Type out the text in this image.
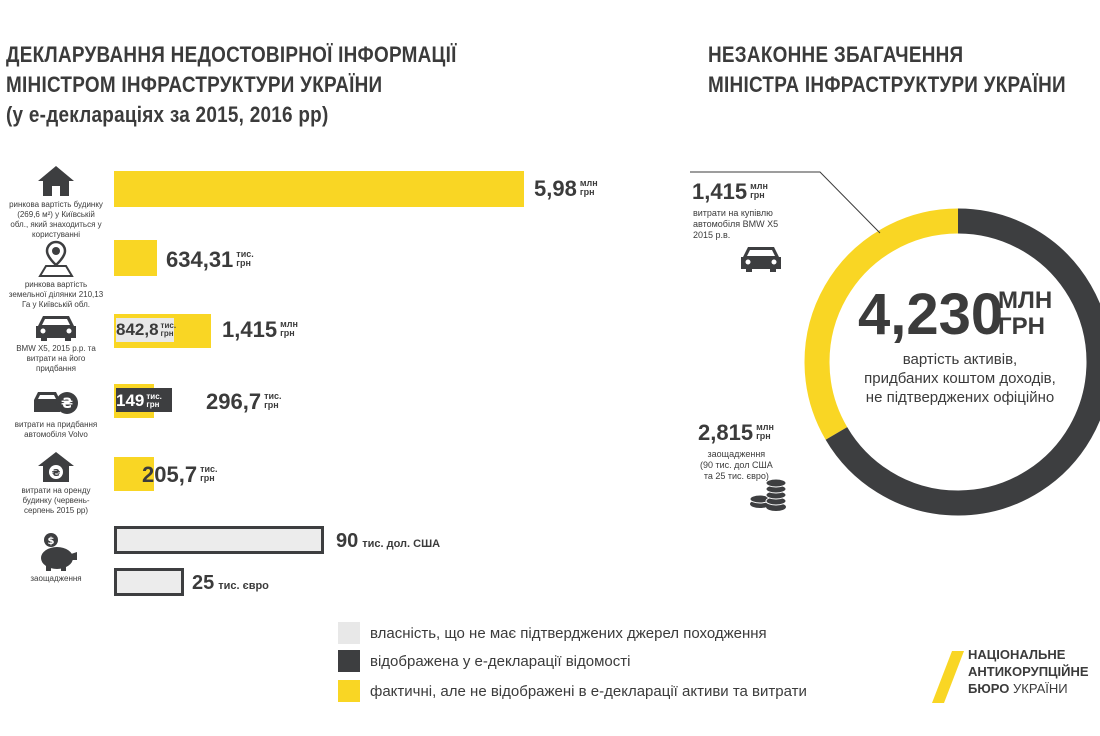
ДЕКЛАРУВАННЯ НЕДОСТОВІРНОЇ ІНФОРМАЦІЇ
МІНІСТРОМ ІНФРАСТРУКТУРИ УКРАЇНИ
(у е-деклараціях за 2015, 2016 рр)
НЕЗАКОННЕ ЗБАГАЧЕННЯ
МІНІСТРА ІНФРАСТРУКТУРИ УКРАЇНИ
ринкова вартість будинку (269,6 м²) у Київській обл., який знаходиться у користуванні
ринкова вартість земельної ділянки 210,13 Га у Київській обл.
BMW X5, 2015 р.р. та витрати на його придбання
₴
витрати на придбання автомобіля Volvo
₴
витрати на оренду будинку (червень-серпень 2015 рр)
$
заощадження
5,98 млн
грн
634,31 тис.
грн
842,8 тис.
грн 1,415 млн
грн
149 тис.
грн 296,7 тис.
грн
205,7 тис.
грн
90 тис. дол. США
25 тис. євро
4,230
МЛН
ГРН
вартість активів,
придбаних коштом доходів,
не підтверджених офіційно
1,415 млн
грн
витрати на купівлю
автомобіля BMW X5
2015 р.в.
2,815 млн
грн
заощадження
(90 тис. дол США
та 25 тис. євро)
власність, що не має підтверджених джерел походження
відображена у е-декларації відомості
фактичні, але не відображені в е-декларації активи та витрати
НАЦІОНАЛЬНЕ
АНТИКОРУПЦІЙНЕ
БЮРО УКРАЇНИ
